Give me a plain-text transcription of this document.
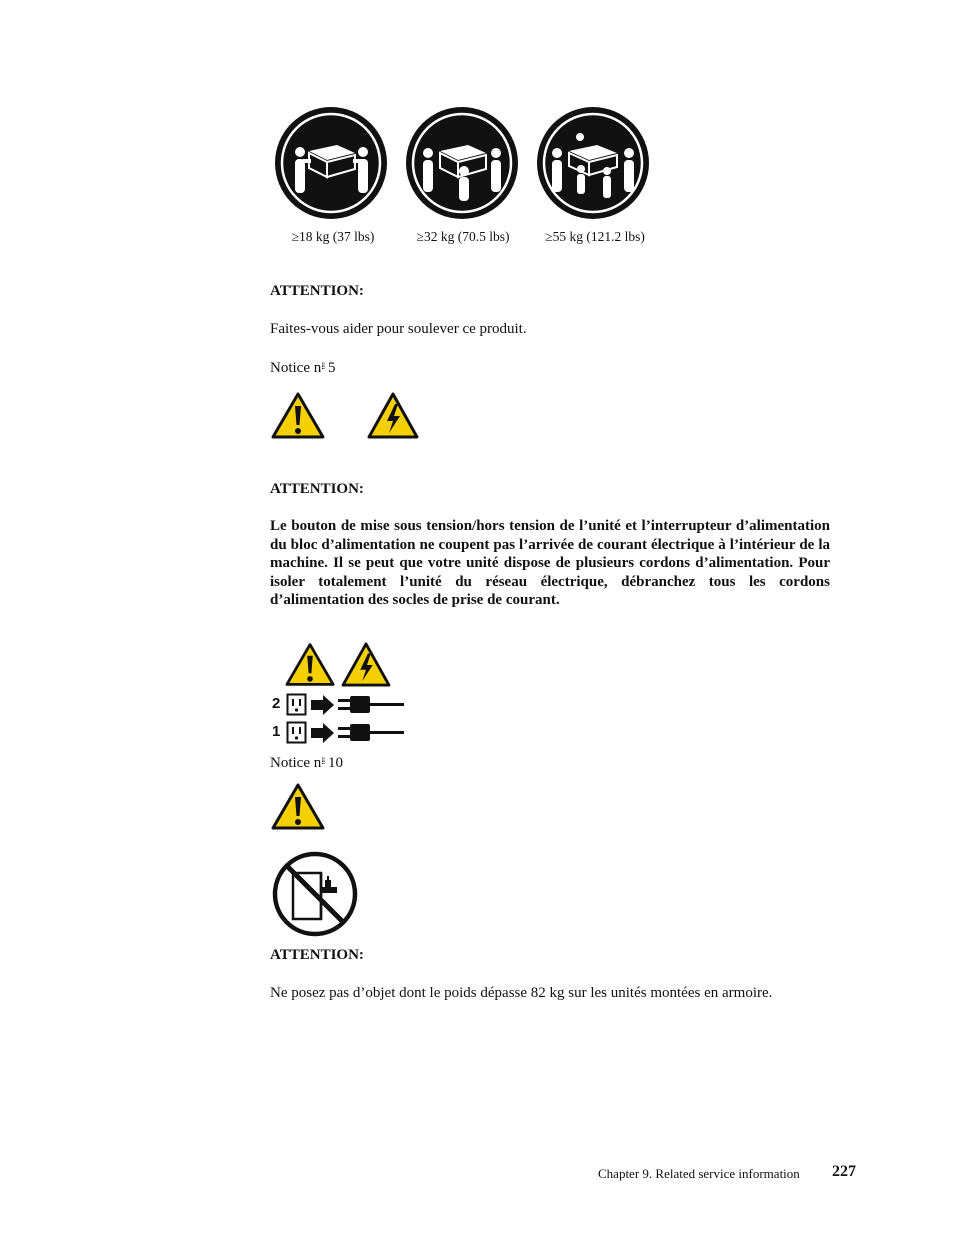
≥18 kg (37 lbs)	≥32 kg (70.5 lbs)	≥55 kg (121.2 lbs)
ATTENTION:
Faites-vous aider pour soulever ce produit.
Notice n⁞⁞ 5
ATTENTION:
Le bouton de mise sous tension/hors tension de l’unité et l’interrupteur d’alimentation du bloc d’alimentation ne coupent pas l’arrivée de courant électrique à l’intérieur de la machine. Il se peut que votre unité dispose de plusieurs cordons d’alimentation. Pour isoler totalement l’unité du réseau électrique, débranchez tous les cordons d’alimentation des socles de prise de courant.
2
1
Notice n⁞⁞ 10
ATTENTION:
Ne posez pas d’objet dont le poids dépasse 82 kg sur les unités montées en armoire.
Chapter 9. Related service information 227
